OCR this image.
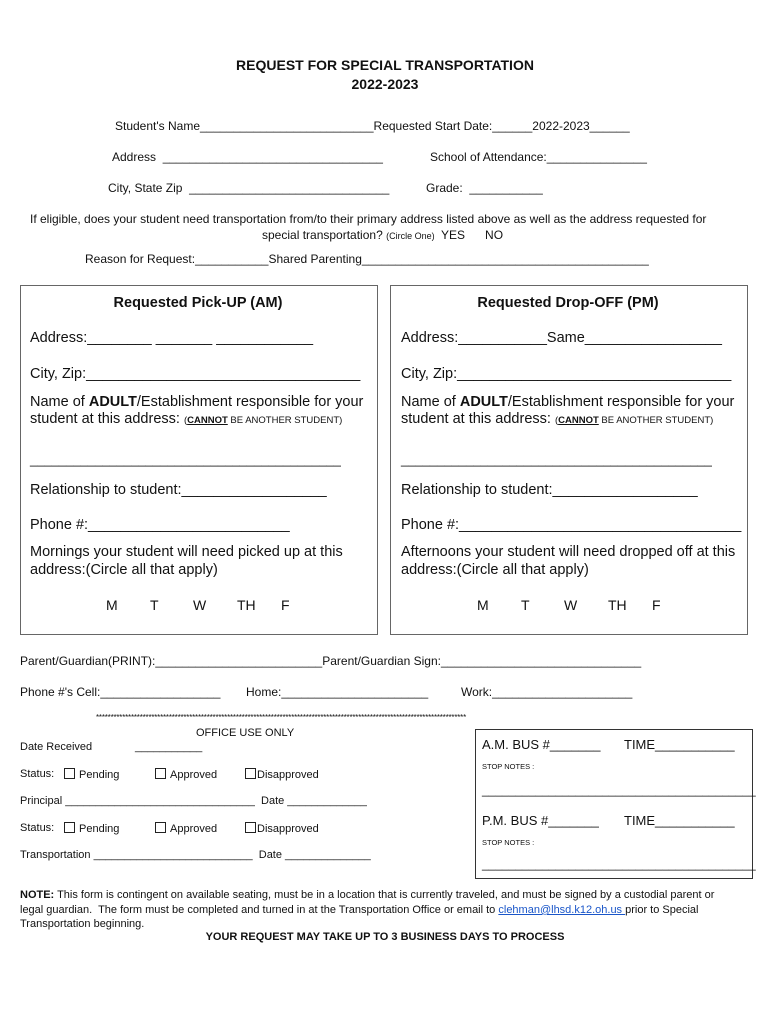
REQUEST FOR SPECIAL TRANSPORTATION
2022-2023
Student's Name__________________________Requested Start Date:______2022-2023______
Address  _________________________________	School of Attendance:_______________
City, State Zip  ______________________________	Grade:  ___________
If eligible, does your student need transportation from/to their primary address listed above as well as the address requested for
special transportation? (Circle One)  YES      NO
Reason for Request:___________Shared Parenting___________________________________________
Requested Pick-UP (AM)
Address:________ _______ ____________
City, Zip:__________________________________
Name of ADULT/Establishment responsible for your
student at this address: (CANNOT BE ANOTHER STUDENT)
___________________________________________
Relationship to student:__________________
Phone #:_________________________
Mornings your student will need picked up at this
address:(Circle all that apply)
M T W TH F
Requested Drop-OFF (PM)
Address:___________Same_________________
City, Zip:__________________________________
Name of ADULT/Establishment responsible for your
student at this address: (CANNOT BE ANOTHER STUDENT)
___________________________________________
Relationship to student:__________________
Phone #:___________________________________
Afternoons your student will need dropped off at this
address:(Circle all that apply)
M T W TH F
Parent/Guardian(PRINT):_________________________Parent/Guardian Sign:______________________________
Phone #'s Cell:__________________ Home:______________________	Work:_____________________
*******************************************************************************************************************************
OFFICE USE ONLY
Date Received	___________
Status:	Pending	Approved	Disapproved
Principal _______________________________  Date _____________
Status:	Pending	Approved	Disapproved
Transportation __________________________  Date ______________
A.M. BUS #_______ TIME___________
STOP NOTES :
_________________________________________
P.M. BUS #_______ TIME___________
STOP NOTES :
_________________________________________
NOTE: This form is contingent on available seating, must be in a location that is currently traveled, and must be signed by a custodial parent or
legal guardian.  The form must be completed and turned in at the Transportation Office or email to clehman@lhsd.k12.oh.us prior to Special
Transportation beginning.
YOUR REQUEST MAY TAKE UP TO 3 BUSINESS DAYS TO PROCESS
